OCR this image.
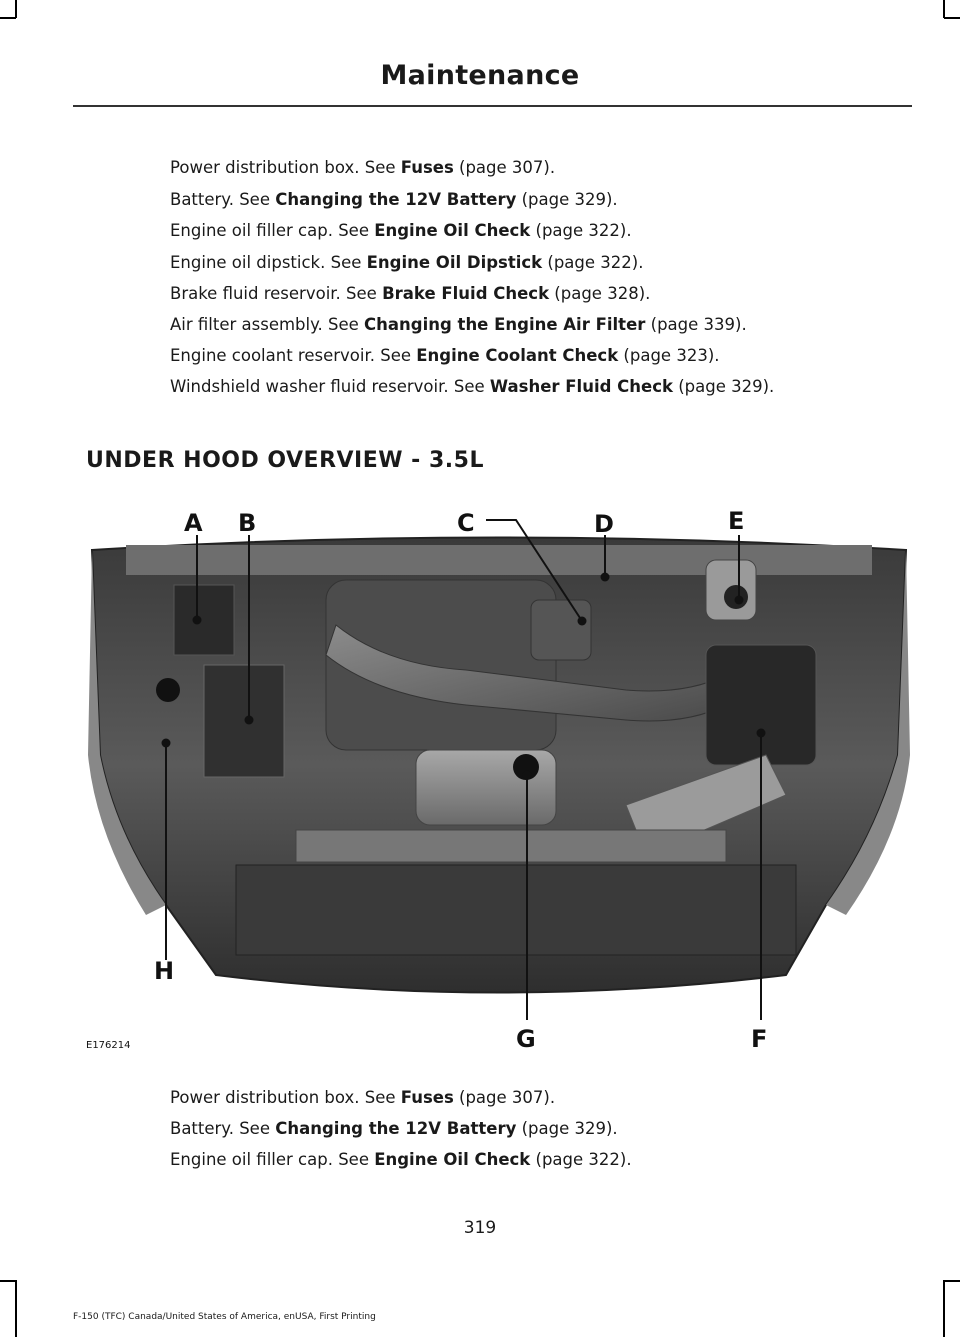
Maintenance
Power distribution box. See Fuses (page 307).
Battery. See Changing the 12V Battery (page 329).
Engine oil filler cap. See Engine Oil Check (page 322).
Engine oil dipstick. See Engine Oil Dipstick (page 322).
Brake fluid reservoir. See Brake Fluid Check (page 328).
Air filter assembly. See Changing the Engine Air Filter (page 339).
Engine coolant reservoir. See Engine Coolant Check (page 323).
Windshield washer fluid reservoir. See Washer Fluid Check (page 329).
UNDER HOOD OVERVIEW - 3.5L
A B	C	D	E
F
G
H
E176214
Power distribution box. See Fuses (page 307).
Battery. See Changing the 12V Battery (page 329).
Engine oil filler cap. See Engine Oil Check (page 322).
319
F-150 (TFC) Canada/United States of America, enUSA, First Printing
